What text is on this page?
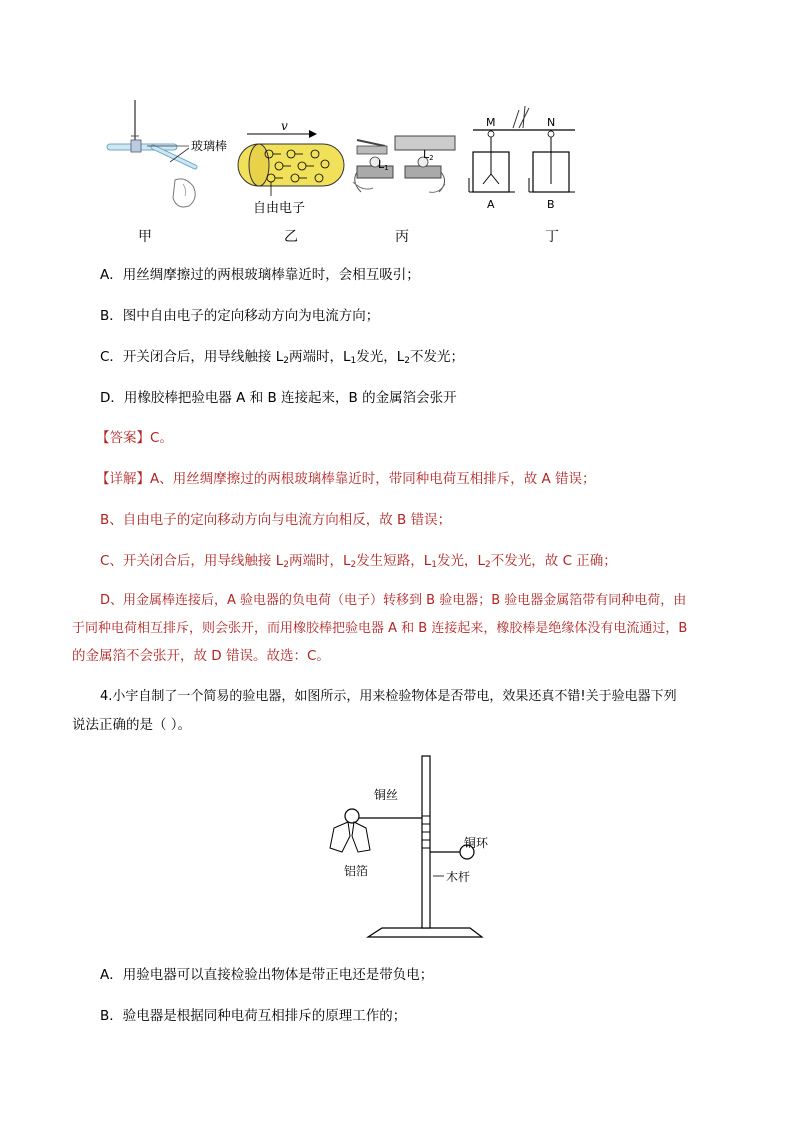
玻璃棒
v
自由电子
L1
L2
M	N
A	B
甲	乙	丙	丁
A．用丝绸摩擦过的两根玻璃棒靠近时，会相互吸引；
B．图中自由电子的定向移动方向为电流方向；
C．开关闭合后，用导线触接 $L_2$两端时，$L_1$发光，$L_2$不发光；
D．用橡胶棒把验电器 A 和 B 连接起来，B 的金属箔会张开
【答案】C。
【详解】A、用丝绸摩擦过的两根玻璃棒靠近时，带同种电荷互相排斥，故 A 错误；
B、自由电子的定向移动方向与电流方向相反，故 B 错误；
C、开关闭合后，用导线触接 $L_2$两端时，$L_2$发生短路，$L_1$发光，$L_2$不发光，故 C 正确；
D、用金属棒连接后，A 验电器的负电荷（电子）转移到 B 验电器；B 验电器金属箔带有同种电荷，由
于同种电荷相互排斥，则会张开，而用橡胶棒把验电器 A 和 B 连接起来，橡胶棒是绝缘体没有电流通过，B
的金属箔不会张开，故 D 错误。故选：C。
4.小宇自制了一个简易的验电器，如图所示，用来检验物体是否带电，效果还真不错!关于验电器下列
说法正确的是（ ）。
铜丝
铜环
铝箔	木杆
A．用验电器可以直接检验出物体是带正电还是带负电；
B．验电器是根据同种电荷互相排斥的原理工作的；
